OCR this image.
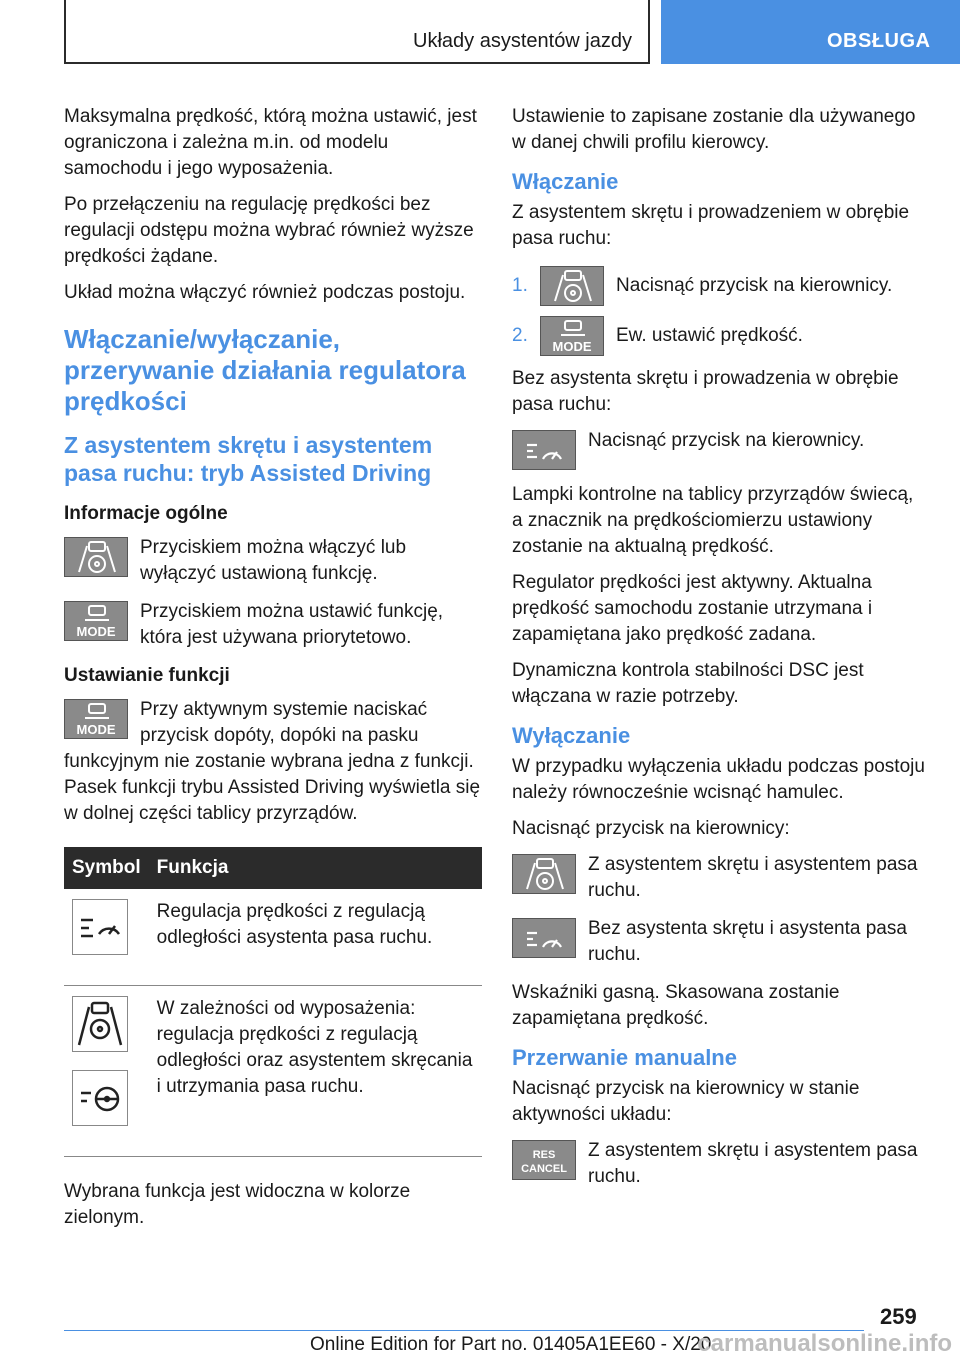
Układy asystentów jazdy	OBSŁUGA

Maksymalna prędkość, którą można ustawić, jest ograniczona i zależna m.in. od modelu samochodu i jego wyposażenia.

Po przełączeniu na regulację prędkości bez regulacji odstępu można wybrać również wyższe prędkości żądane.

Układ można włączyć również podczas postoju.

Włączanie/wyłączanie, przerywanie działania regulatora prędkości
Z asystentem skrętu i asystentem pasa ruchu: tryb Assisted Driving
Informacje ogólne
Przyciskiem można włączyć lub wyłączyć ustawioną funkcję.
MODE
Przyciskiem można ustawić funkcję, która jest używana priorytetowo.
Ustawianie funkcji
MODE
Przy aktywnym systemie naciskać przycisk dopóty, dopóki na pasku funkcyjnym nie zostanie wybrana jedna z funkcji. Pasek funkcji trybu Assisted Driving wyświetla się w dolnej części tablicy przyrządów.
Symbol	Funkcja

	Regulacja prędkości z regulacją odległości asystenta pasa ruchu.

	W zależności od wyposażenia: regulacja prędkości z regulacją odległości oraz asystentem skręcania i utrzymania pasa ruchu.

Wybrana funkcja jest widoczna w kolorze zielonym.

Ustawienie to zapisane zostanie dla używanego w danej chwili profilu kierowcy.

Włączanie

Z asystentem skrętu i prowadzeniem w obrębie pasa ruchu:

1.	Nacisnąć przycisk na kierownicy.
2.
MODE
Ew. ustawić prędkość.

Bez asystenta skrętu i prowadzenia w obrębie pasa ruchu:

Nacisnąć przycisk na kierownicy.

Lampki kontrolne na tablicy przyrządów świecą, a znacznik na prędkościomierzu ustawiony zostanie na aktualną prędkość.

Regulator prędkości jest aktywny. Aktualna prędkość samochodu zostanie utrzymana i zapamiętana jako prędkość zadana.

Dynamiczna kontrola stabilności DSC jest włączana w razie potrzeby.

Wyłączanie

W przypadku wyłączenia układu podczas postoju należy równocześnie wcisnąć hamulec.

Nacisnąć przycisk na kierownicy:

Z asystentem skrętu i asystentem pasa ruchu.
Bez asystenta skrętu i asystenta pasa ruchu.

Wskaźniki gasną. Skasowana zostanie zapamiętana prędkość.

Przerwanie manualne

Nacisnąć przycisk na kierownicy w stanie aktywności układu:

RES
CANCEL
Z asystentem skrętu i asystentem pasa ruchu.
259
Online Edition for Part no. 01405A1EE60 - X/20
carmanualsonline.info
